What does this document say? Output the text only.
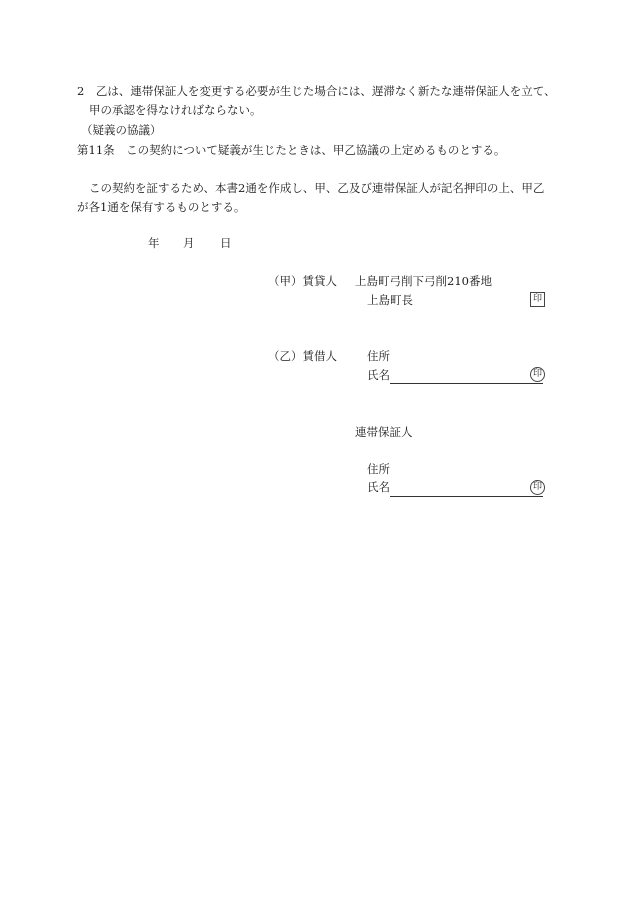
2　乙は、連帯保証人を変更する必要が生じた場合には、遅滞なく新たな連帯保証人を立て、
甲の承認を得なければならない。
（疑義の協議）
第11条　この契約について疑義が生じたときは、甲乙協議の上定めるものとする。
この契約を証するため、本書2通を作成し、甲、乙及び連帯保証人が記名押印の上、甲乙
が各1通を保有するものとする。
年 月 日
（甲）賃貸人 上島町弓削下弓削210番地
上島町長	印
（乙）賃借人	住所
氏名	印
連帯保証人
住所
氏名	印
